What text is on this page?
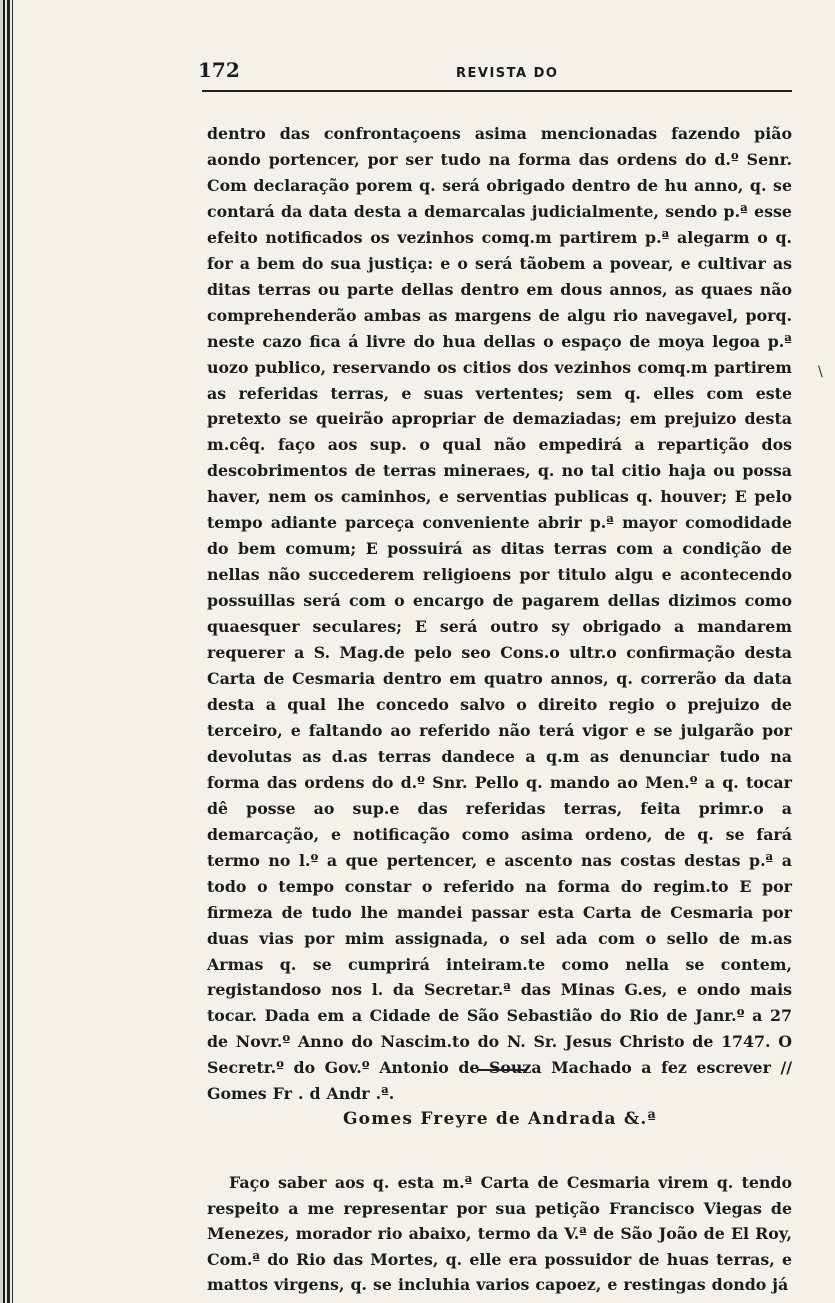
172	REVISTA DO

dentro das confrontaçoens asima mencionadas fazendo pião aondo portencer, por ser tudo na forma das ordens do d.º Senr. Com declaração porem q. será obrigado dentro de hu anno, q. se contará da data desta a demarcalas judicialmente, sendo p.ª esse efeito notificados os vezinhos comq.m partirem p.ª alegarm o q. for a bem do sua justiça: e o será tãobem a povear, e cultivar as ditas terras ou parte dellas dentro em dous annos, as quaes não comprehenderão ambas as margens de algu rio navegavel, porq. neste cazo fica á livre do hua dellas o espaço de moya legoa p.ª uozo publico, reservando os citios dos vezinhos comq.m partirem as referidas terras, e suas vertentes; sem q. elles com este pretexto se queirão apropriar de demaziadas; em prejuizo desta m.cêq. faço aos sup. o qual não empedirá a repartição dos descobrimentos de terras mineraes, q. no tal citio haja ou possa haver, nem os caminhos, e serventias publicas q. houver; E pelo tempo adiante parceça conveniente abrir p.ª mayor comodidade do bem comum; E possuirá as ditas terras com a condição de nellas não succederem religioens por titulo algu e acontecendo possuillas será com o encargo de pagarem dellas dizimos como quaesquer seculares; E será outro sy obrigado a mandarem requerer a S. Mag.de pelo seo Cons.o ultr.o confirmação desta Carta de Cesmaria dentro em quatro annos, q. correrão da data desta a qual lhe concedo salvo o direito regio o prejuizo de terceiro, e faltando ao referido não terá vigor e se julgarão por devolutas as d.as terras dandece a q.m as denunciar tudo na forma das ordens do d.º Snr. Pello q. mando ao Men.º a q. tocar dê posse ao sup.e das referidas terras, feita primr.o a demarcação, e notificação como asima ordeno, de q. se fará termo no l.º a que pertencer, e ascento nas costas destas p.ª a todo o tempo constar o referido na forma do regim.to E por firmeza de tudo lhe mandei passar esta Carta de Cesmaria por duas vias por mim assignada, o sel ada com o sello de m.as Armas q. se cumprirá inteiram.te como nella se contem, registandoso nos l. da Secretar.ª das Minas G.es, e ondo mais tocar. Dada em a Cidade de São Sebastião do Rio de Janr.º a 27 de Novr.º Anno do Nascim.to do N. Sr. Jesus Christo de 1747. O Secretr.º do Gov.º Antonio de Souza Machado a fez escrever // Gomes Fr . d Andr .ª.

\
Gomes Freyre de Andrada &.ª

Faço saber aos q. esta m.ª Carta de Cesmaria virem q. tendo respeito a me representar por sua petição Francisco Viegas de Menezes, morador rio abaixo, termo da V.ª de São João de El Roy, Com.ª do Rio das Mortes, q. elle era possuidor de huas terras, e mattos virgens, q. se incluhia varios capoez, e restingas dondo já
